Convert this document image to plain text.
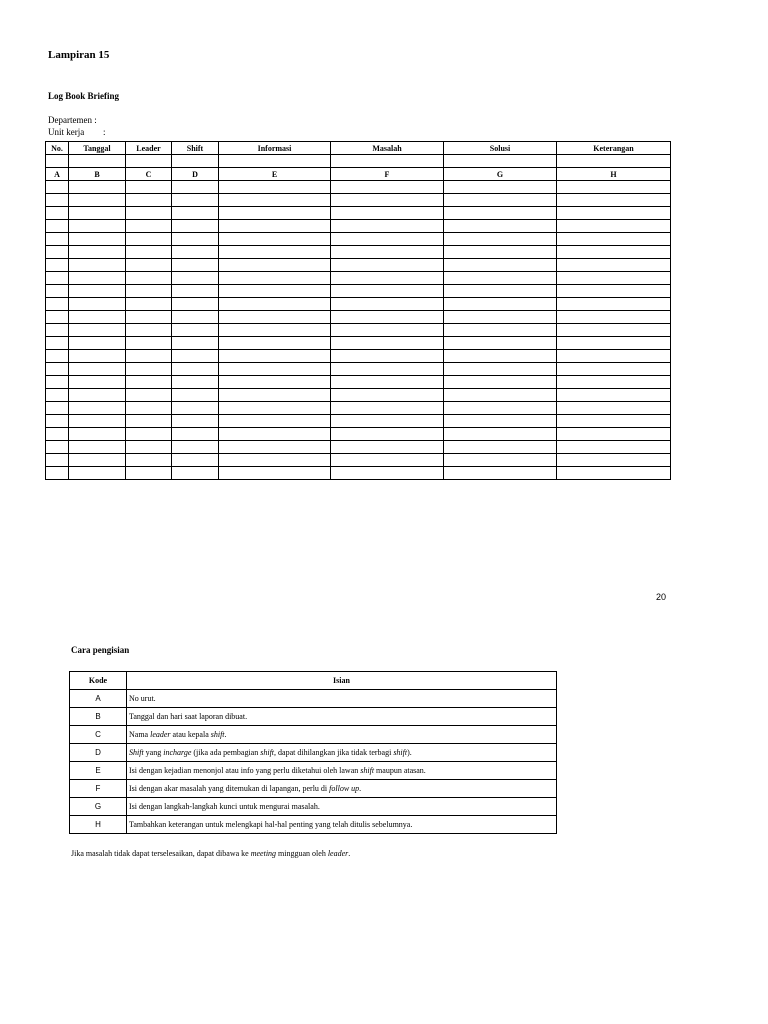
Lampiran 15
Log Book Briefing
Departemen :
Unit kerja :
No.	Tanggal	Leader	Shift	Informasi	Masalah	Solusi	Keterangan

A	B	C	D	E	F	G	H

20
Cara pengisian
Kode	Isian
A	No urut.
B	Tanggal dan hari saat laporan dibuat.
C	Nama leader atau kepala shift.
D	Shift yang incharge (jika ada pembagian shift, dapat dihilangkan jika tidak terbagi shift).
E	Isi dengan kejadian menonjol atau info yang perlu diketahui oleh lawan shift maupun atasan.
F	Isi dengan akar masalah yang ditemukan di lapangan, perlu di follow up.
G	Isi dengan langkah-langkah kunci untuk mengurai masalah.
H	Tambahkan keterangan untuk melengkapi hal-hal penting yang telah ditulis sebelumnya.
Jika masalah tidak dapat terselesaikan, dapat dibawa ke meeting mingguan oleh leader.
